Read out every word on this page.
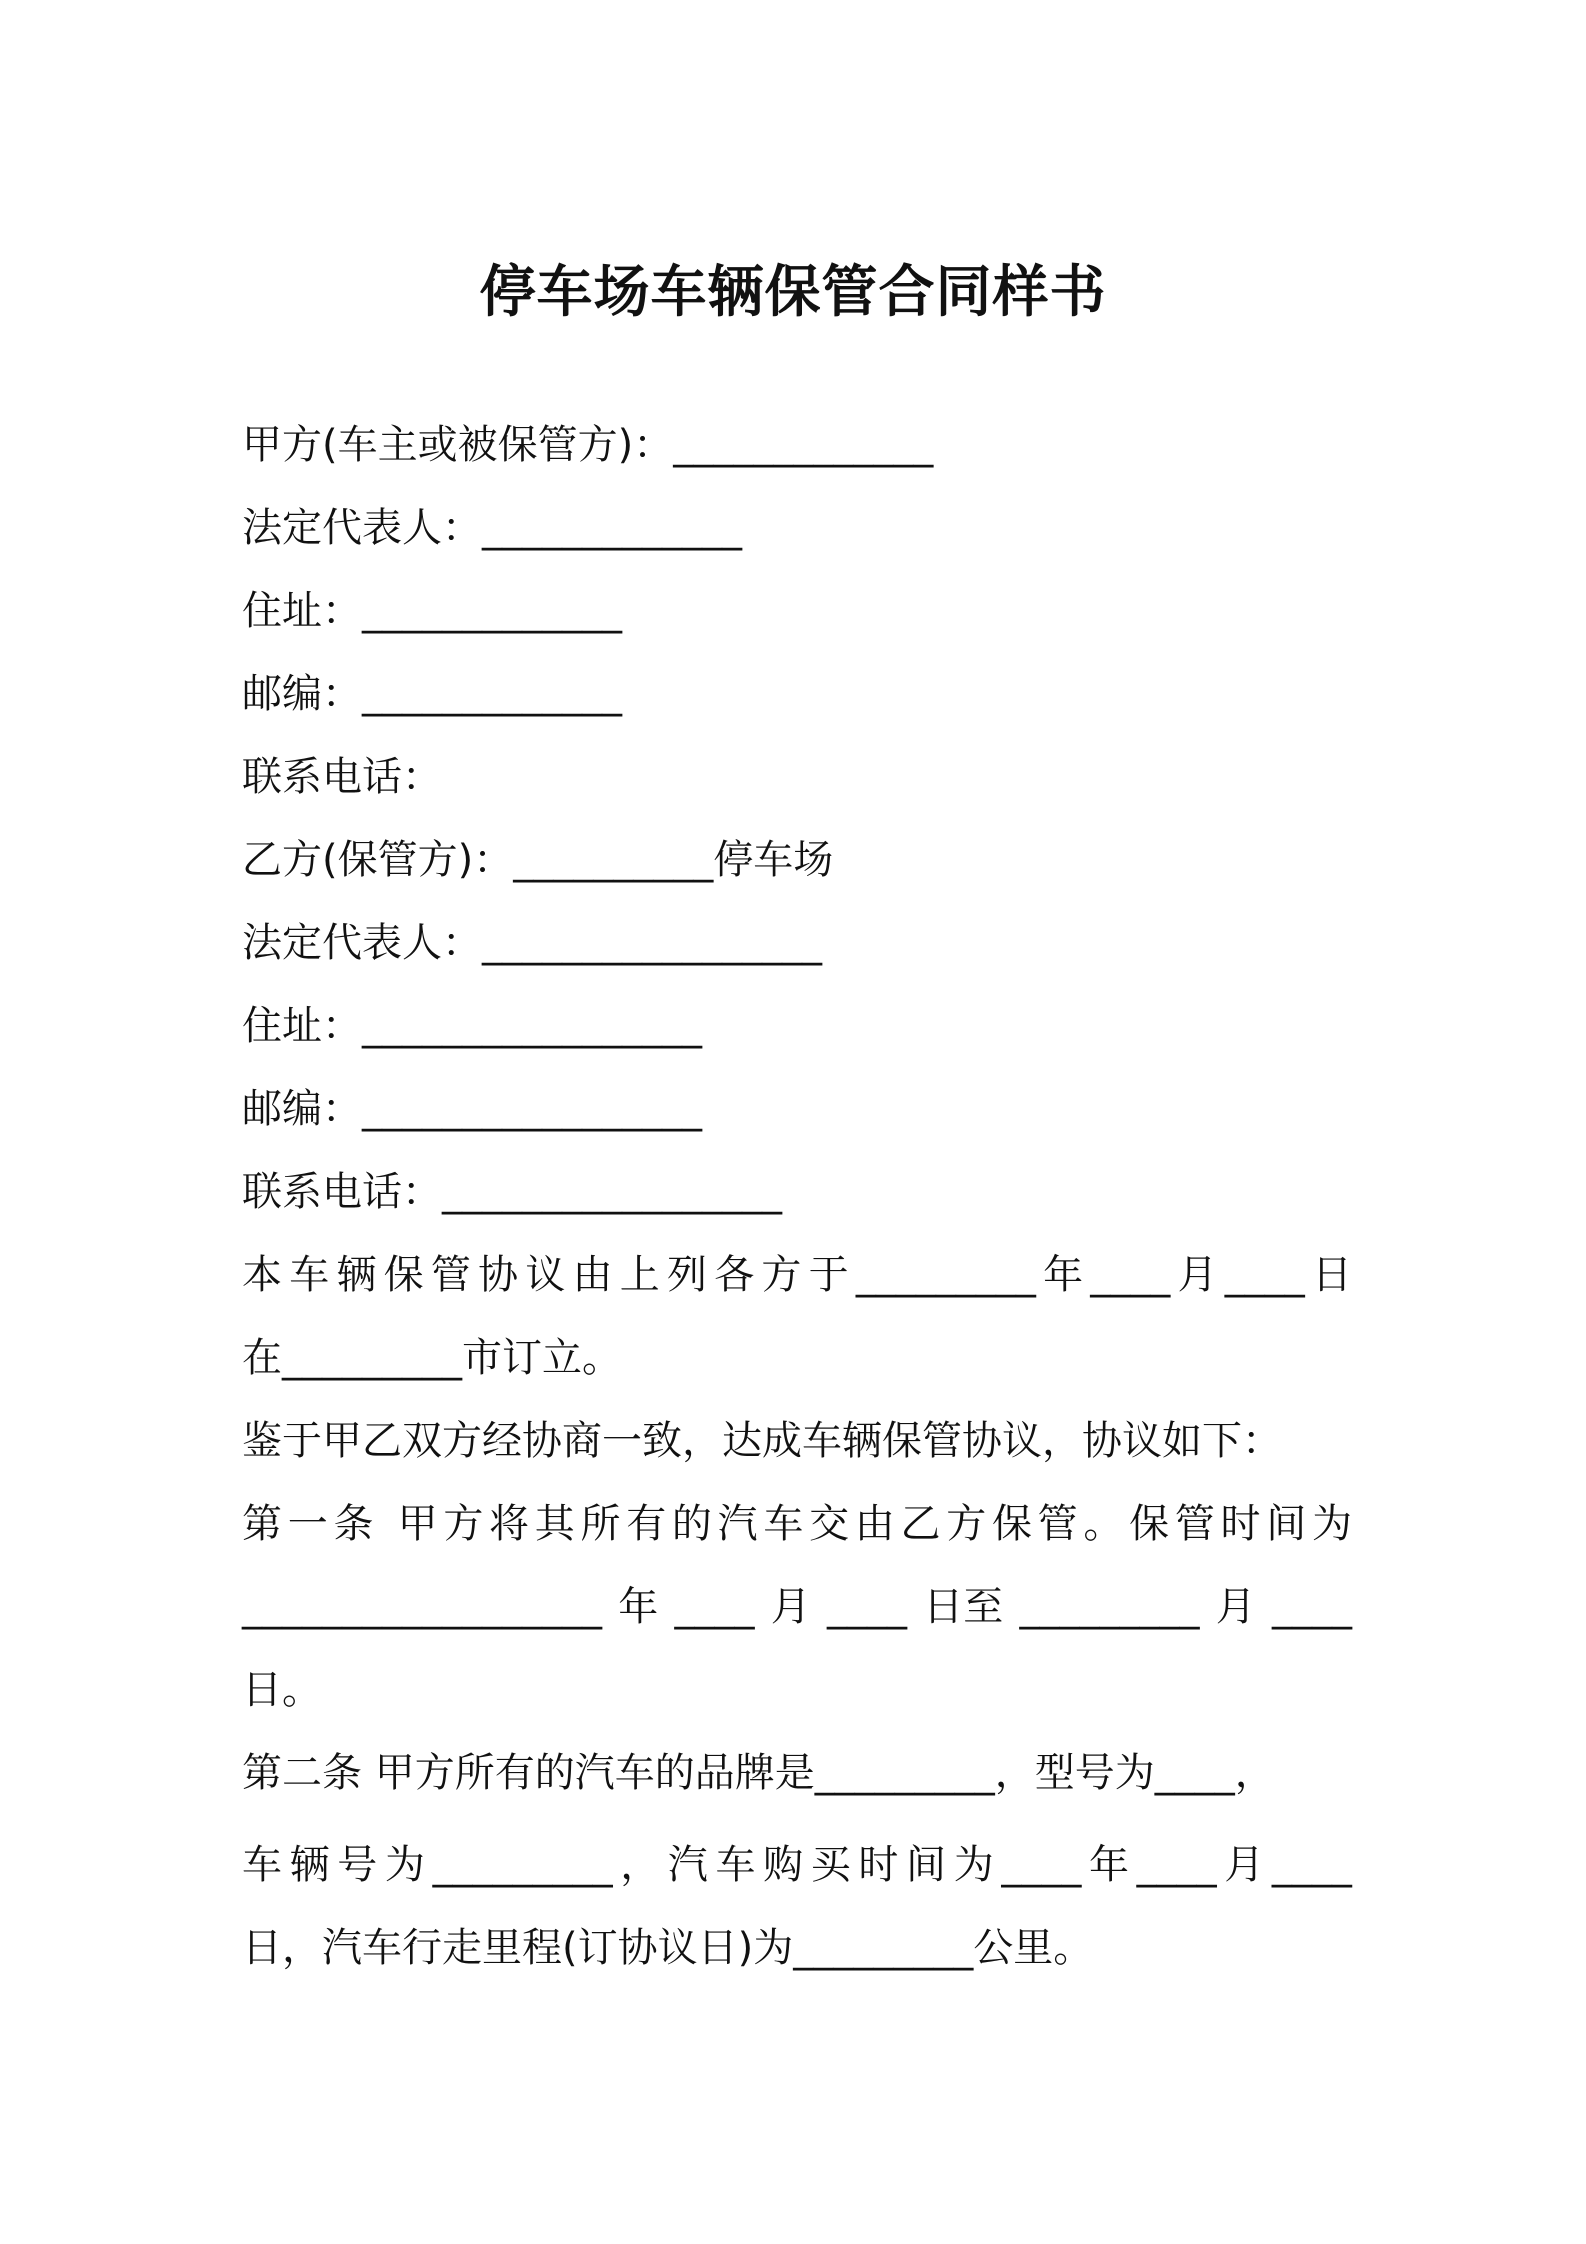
停车场车辆保管合同样书
甲方(车主或被保管方)：_____________
法定代表人：_____________
住址：_____________
邮编：_____________
联系电话：
乙方(保管方)：__________停车场
法定代表人：_________________
住址：_________________
邮编：_________________
联系电话：_________________
本 车 辆 保 管 协 议 由 上 列 各 方 于 _________ 年 ____ 月 ____ 日
在_________市订立。
鉴于甲乙双方经协商一致，达成车辆保管协议，协议如下：
第 一 条
甲 方 将 其 所 有 的 汽 车 交 由 乙 方 保 管 。 保 管 时 间 为
__________________ 年 ____ 月 ____ 日至 _________ 月 ____
日。
第二条 甲方所有的汽车的品牌是_________，型号为____，
车 辆 号 为 _________ ， 汽 车 购 买 时 间 为 ____ 年 ____ 月 ____
日，汽车行走里程(订协议日)为_________公里。
